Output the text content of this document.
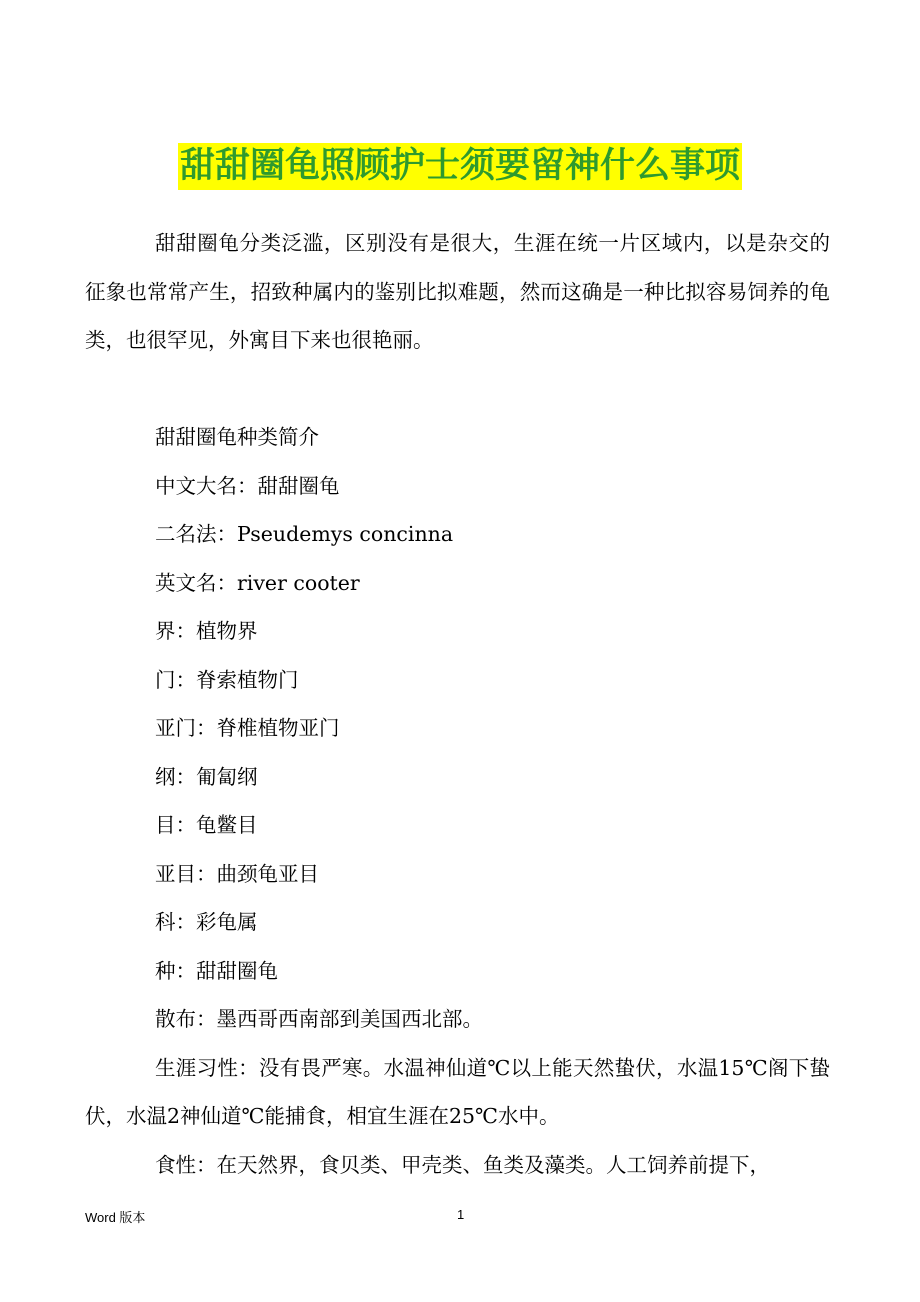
甜甜圈龟照顾护士须要留神什么事项

甜甜圈龟分类泛滥，区别没有是很大，生涯在统一片区域内，以是杂交的征象也常常产生，招致种属内的鉴别比拟难题，然而这确是一种比拟容易饲养的龟类，也很罕见，外寓目下来也很艳丽。

甜甜圈龟种类简介

中文大名：甜甜圈龟

二名法：Pseudemys concinna

英文名：river cooter

界：植物界

门：脊索植物门

亚门：脊椎植物亚门

纲：匍匐纲

目：龟鳖目

亚目：曲颈龟亚目

科：彩龟属

种：甜甜圈龟

散布：墨西哥西南部到美国西北部。

生涯习性：没有畏严寒。水温神仙道℃以上能天然蛰伏，水温15℃阁下蛰伏，水温2神仙道℃能捕食，相宜生涯在25℃水中。

食性：在天然界，食贝类、甲壳类、鱼类及藻类。人工饲养前提下，

Word 版本	1
